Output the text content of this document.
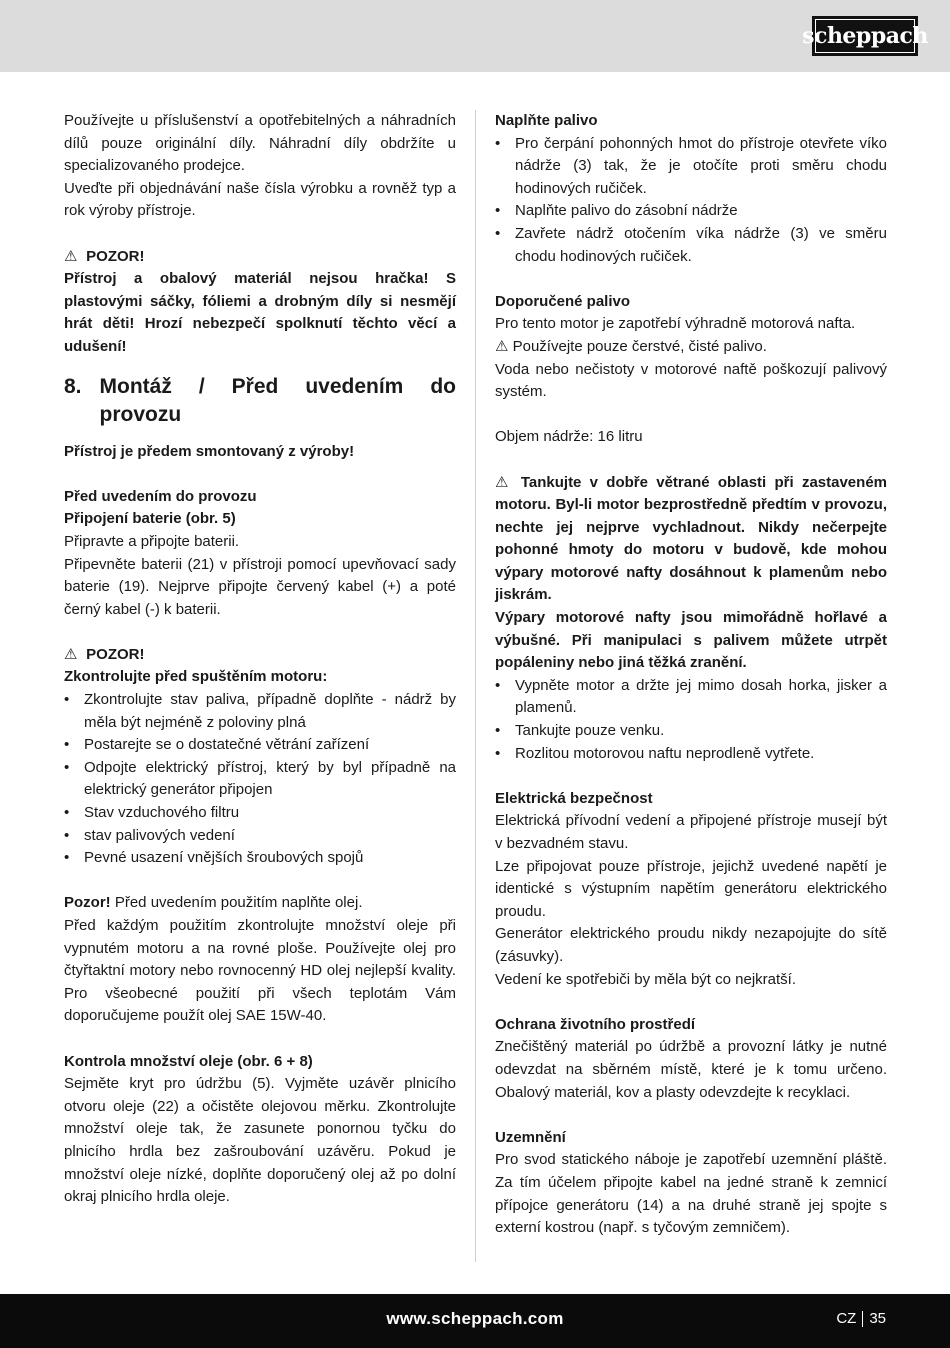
scheppach

Používejte u příslušenství a opotřebitelných a náhradních dílů pouze originální díly. Náhradní díly obdržíte u specializovaného prodejce.

Uveďte při objednávání naše čísla výrobku a rovněž typ a rok výroby přístroje.

⚠ POZOR!

Přístroj a obalový materiál nejsou hračka! S plastovými sáčky, fóliemi a drobným díly si nesmějí hrát děti! Hrozí nebezpečí spolknutí těchto věcí a udušení!

8. Montáž / Před uvedením do provozu

Přístroj je předem smontovaný z výroby!

Před uvedením do provozu

Připojení baterie (obr. 5)

Připravte a připojte baterii.

Připevněte baterii (21) v přístroji pomocí upevňovací sady baterie (19). Nejprve připojte červený kabel (+) a poté černý kabel (-) k baterii.

⚠ POZOR!

Zkontrolujte před spuštěním motoru:

• Zkontrolujte stav paliva, případně doplňte - nádrž by měla být nejméně z poloviny plná
• Postarejte se o dostatečné větrání zařízení
• Odpojte elektrický přístroj, který by byl případně na elektrický generátor připojen
• Stav vzduchového filtru
• stav palivových vedení
• Pevné usazení vnějších šroubových spojů

Pozor! Před uvedením použitím naplňte olej.

Před každým použitím zkontrolujte množství oleje při vypnutém motoru a na rovné ploše. Používejte olej pro čtyřtaktní motory nebo rovnocenný HD olej nejlepší kvality. Pro všeobecné použití při všech teplotám Vám doporučujeme použít olej SAE 15W-40.

Kontrola množství oleje (obr. 6 + 8)

Sejměte kryt pro údržbu (5). Vyjměte uzávěr plnicího otvoru oleje (22) a očistěte olejovou měrku. Zkontrolujte množství oleje tak, že zasunete ponornou tyčku do plnicího hrdla bez zašroubování uzávěru. Pokud je množství oleje nízké, doplňte doporučený olej až po dolní okraj plnicího hrdla oleje.

Naplňte palivo

• Pro čerpání pohonných hmot do přístroje otevřete víko nádrže (3) tak, že je otočíte proti směru chodu hodinových ručiček.
• Naplňte palivo do zásobní nádrže
• Zavřete nádrž otočením víka nádrže (3) ve směru chodu hodinových ručiček.

Doporučené palivo

Pro tento motor je zapotřebí výhradně motorová nafta.

⚠ Používejte pouze čerstvé, čisté palivo.

Voda nebo nečistoty v motorové naftě poškozují palivový systém.

Objem nádrže: 16 litru

⚠ Tankujte v dobře větrané oblasti při zastaveném motoru. Byl-li motor bezprostředně předtím v provozu, nechte jej nejprve vychladnout. Nikdy nečerpejte pohonné hmoty do motoru v budově, kde mohou výpary motorové nafty dosáhnout k plamenům nebo jiskrám.

Výpary motorové nafty jsou mimořádně hořlavé a výbušné. Při manipulaci s palivem můžete utrpět popáleniny nebo jiná těžká zranění.

• Vypněte motor a držte jej mimo dosah horka, jisker a plamenů.
• Tankujte pouze venku.
• Rozlitou motorovou naftu neprodleně vytřete.

Elektrická bezpečnost

Elektrická přívodní vedení a připojené přístroje musejí být v bezvadném stavu.

Lze připojovat pouze přístroje, jejichž uvedené napětí je identické s výstupním napětím generátoru elektrického proudu.

Generátor elektrického proudu nikdy nezapojujte do sítě (zásuvky).

Vedení ke spotřebiči by měla být co nejkratší.

Ochrana životního prostředí

Znečištěný materiál po údržbě a provozní látky je nutné odevzdat na sběrném místě, které je k tomu určeno. Obalový materiál, kov a plasty odevzdejte k recyklaci.

Uzemnění

Pro svod statického náboje je zapotřebí uzemnění pláště. Za tím účelem připojte kabel na jedné straně k zemnicí přípojce generátoru (14) a na druhé straně jej spojte s externí kostrou (např. s tyčovým zemničem).

www.scheppach.com	CZ 35
